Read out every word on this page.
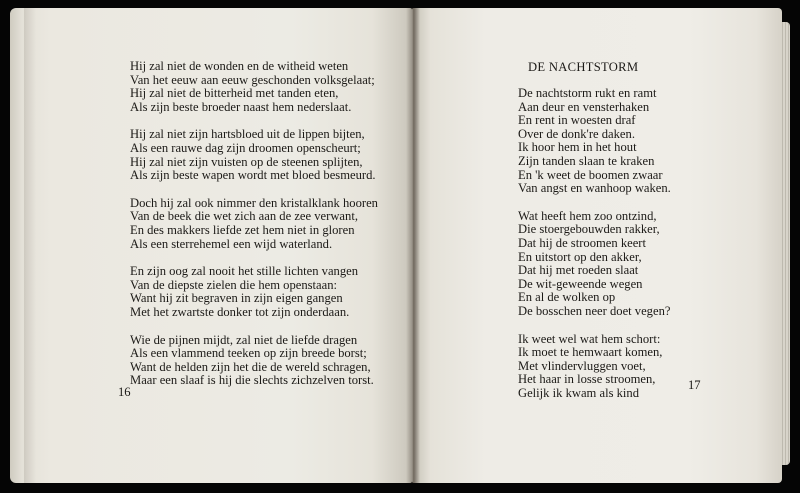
Hij zal niet de wonden en de witheid weten
Van het eeuw aan eeuw geschonden volksgelaat;
Hij zal niet de bitterheid met tanden eten,
Als zijn beste broeder naast hem nederslaat.
Hij zal niet zijn hartsbloed uit de lippen bijten,
Als een rauwe dag zijn droomen openscheurt;
Hij zal niet zijn vuisten op de steenen splijten,
Als zijn beste wapen wordt met bloed besmeurd.
Doch hij zal ook nimmer den kristalklank hooren
Van de beek die wet zich aan de zee verwant,
En des makkers liefde zet hem niet in gloren
Als een sterrehemel een wijd waterland.
En zijn oog zal nooit het stille lichten vangen
Van de diepste zielen die hem openstaan:
Want hij zit begraven in zijn eigen gangen
Met het zwartste donker tot zijn onderdaan.
Wie de pijnen mijdt, zal niet de liefde dragen
Als een vlammend teeken op zijn breede borst;
Want de helden zijn het die de wereld schragen,
Maar een slaaf is hij die slechts zichzelven torst.
16
DE NACHTSTORM
De nachtstorm rukt en ramt
Aan deur en vensterhaken
En rent in woesten draf
Over de donk're daken.
Ik hoor hem in het hout
Zijn tanden slaan te kraken
En 'k weet de boomen zwaar
Van angst en wanhoop waken.
Wat heeft hem zoo ontzind,
Die stoergebouwden rakker,
Dat hij de stroomen keert
En uitstort op den akker,
Dat hij met roeden slaat
De wit-geweende wegen
En al de wolken op
De bosschen neer doet vegen?
Ik weet wel wat hem schort:
Ik moet te hemwaart komen,
Met vlindervluggen voet,
Het haar in losse stroomen,
Gelijk ik kwam als kind
17
